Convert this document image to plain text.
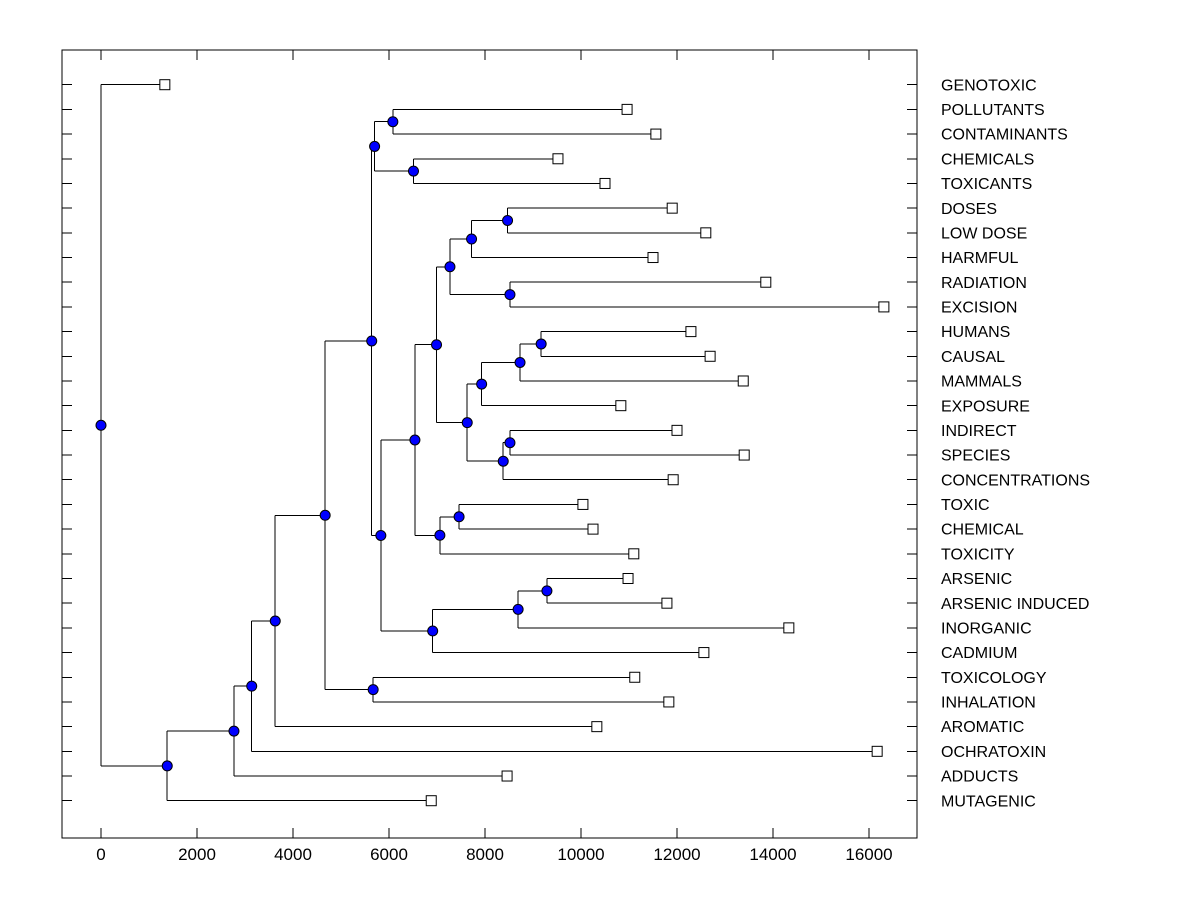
0	2000	4000	6000	8000	10000	12000	14000	16000
GENOTOXIC
POLLUTANTS
CONTAMINANTS
CHEMICALS
TOXICANTS
DOSES
LOW DOSE
HARMFUL
RADIATION
EXCISION
HUMANS
CAUSAL
MAMMALS
EXPOSURE
INDIRECT
SPECIES
CONCENTRATIONS
TOXIC
CHEMICAL
TOXICITY
ARSENIC
ARSENIC INDUCED
INORGANIC
CADMIUM
TOXICOLOGY
INHALATION
AROMATIC
OCHRATOXIN
ADDUCTS
MUTAGENIC
